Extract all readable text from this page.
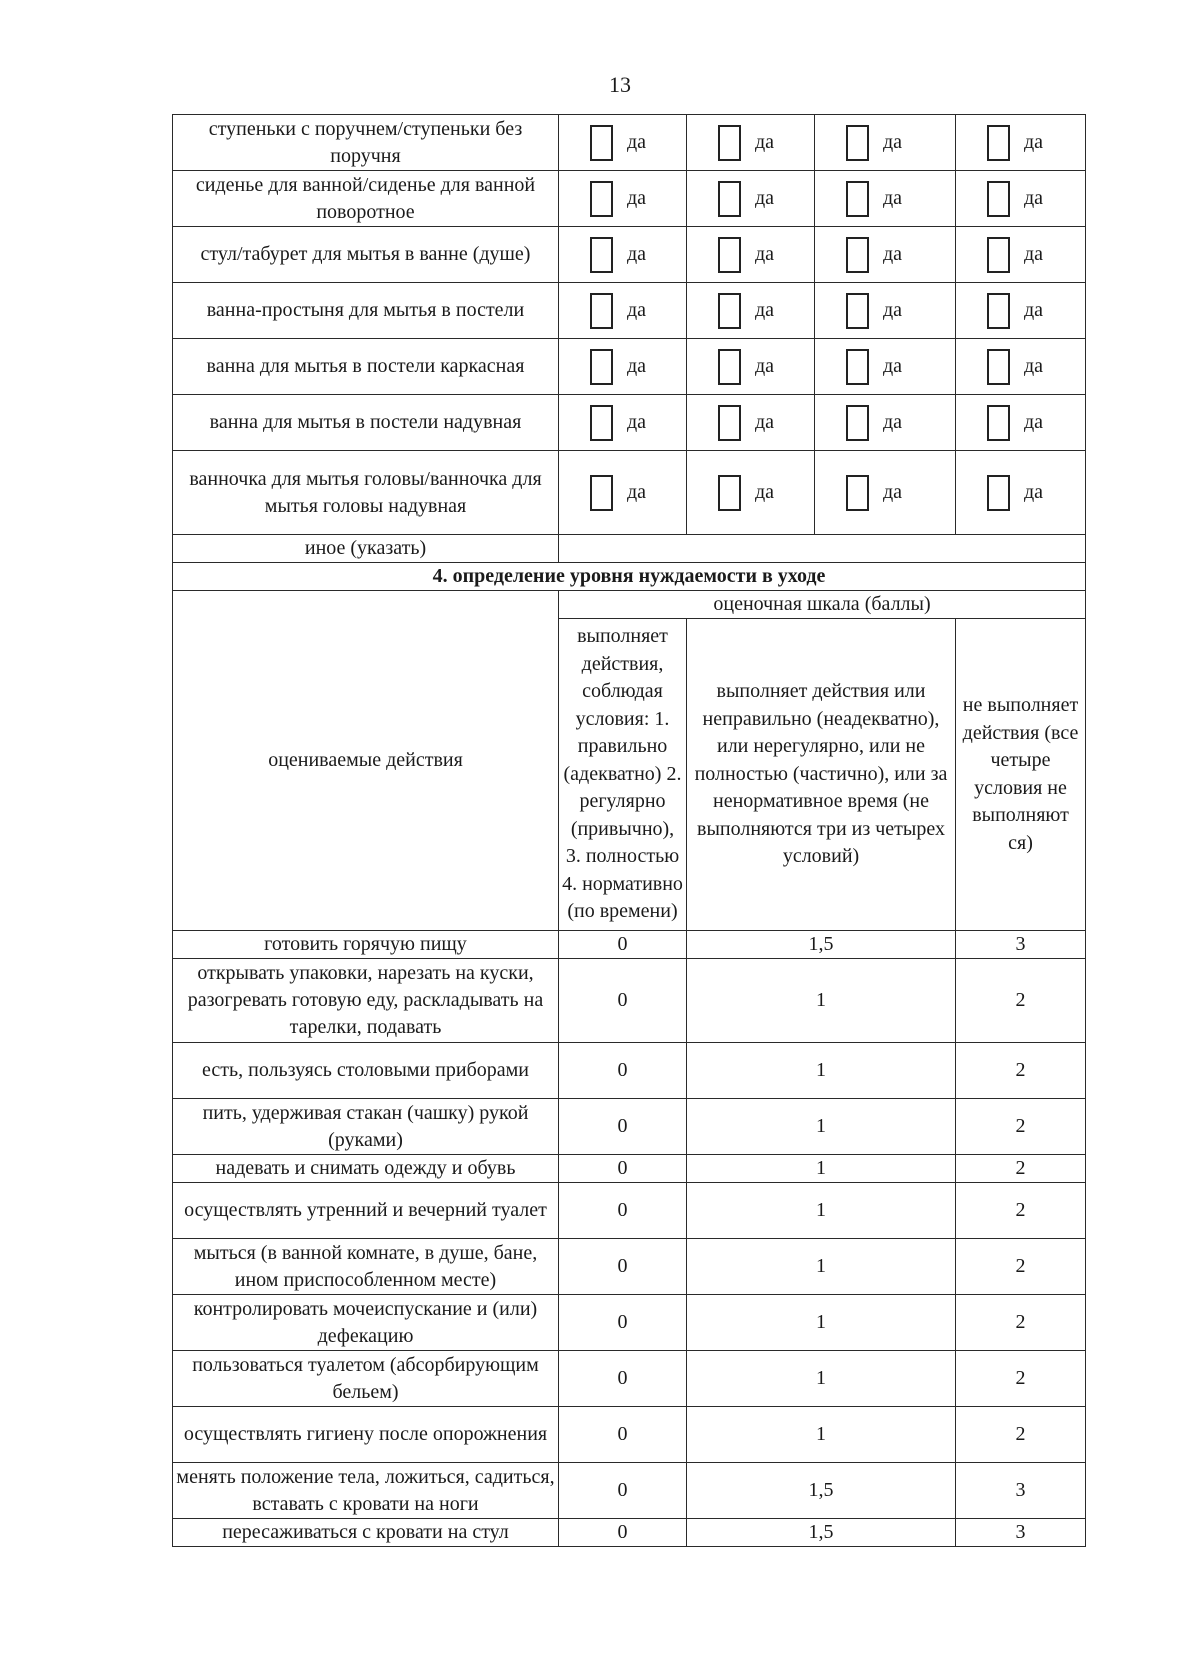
13
ступеньки с поручнем/ступеньки без поручня	да	да	да	да

сиденье для ванной/сиденье для ванной поворотное	да	да	да	да

стул/табурет для мытья в ванне (душе)	да	да	да	да

ванна-простыня для мытья в постели	да	да	да	да

ванна для мытья в постели каркасная	да	да	да	да

ванна для мытья в постели надувная	да	да	да	да

ванночка для мытья головы/ванночка для мытья головы надувная	да	да	да	да

иное (указать)				
4. определение уровня нуждаемости в уходе				
оцениваемые действия	оценочная шкала (баллы)			
	выполняет действия, соблюдая условия: 1. правильно (адекватно) 2. регулярно (привычно), 3. полностью 4. нормативно (по времени)	выполняет действия или неправильно (неадекватно), или нерегулярно, или не полностью (частично), или за ненормативное время (не выполняются три из четырех условий)		не выполняет действия (все четыре условия не выполняют ся)
готовить горячую пищу	0	1,5		3
открывать упаковки, нарезать на куски, разогревать готовую еду, раскладывать на тарелки, подавать	0	1		2
есть, пользуясь столовыми приборами	0	1		2
пить, удерживая стакан (чашку) рукой (руками)	0	1		2
надевать и снимать одежду и обувь	0	1		2
осуществлять утренний и вечерний туалет	0	1		2
мыться (в ванной комнате, в душе, бане, ином приспособленном месте)	0	1		2
контролировать мочеиспускание и (или) дефекацию	0	1		2
пользоваться туалетом (абсорбирующим бельем)	0	1		2
осуществлять гигиену после опорожнения	0	1		2
менять положение тела, ложиться, садиться, вставать с кровати на ноги	0	1,5		3
пересаживаться с кровати на стул	0	1,5		3
